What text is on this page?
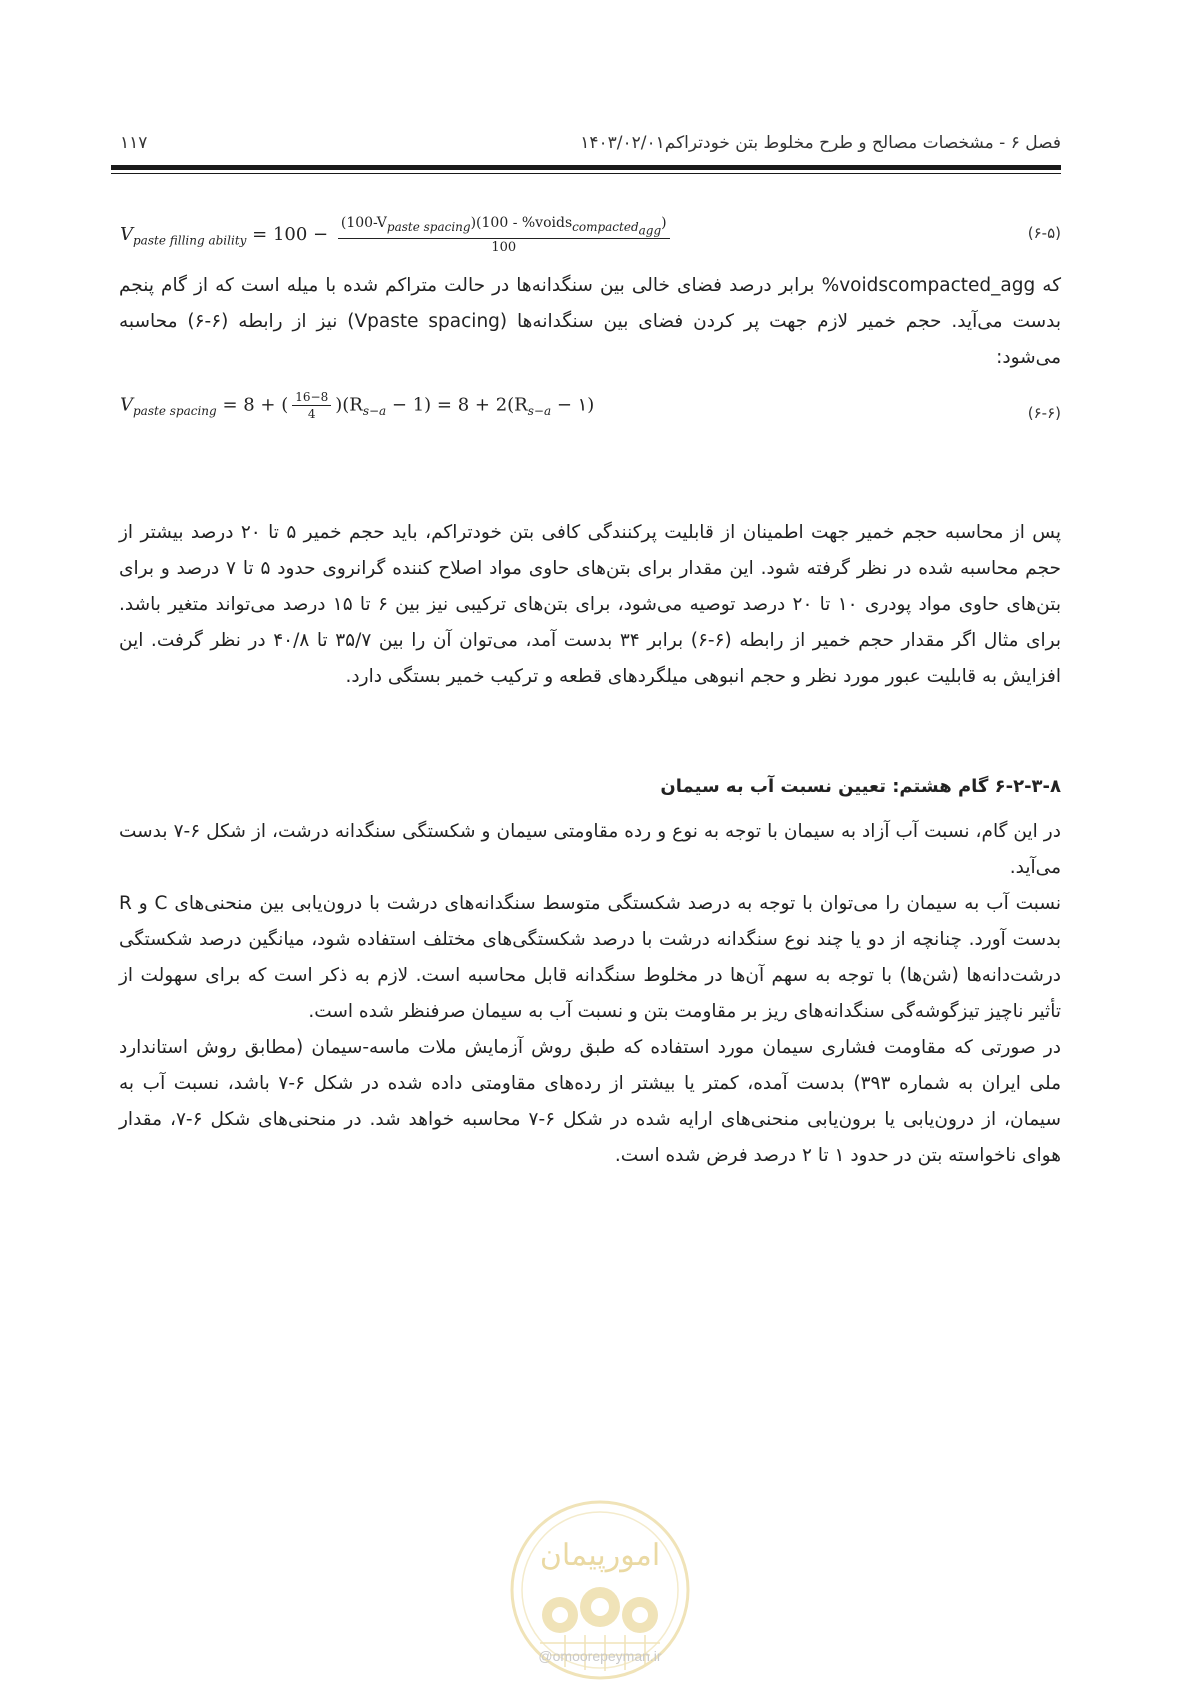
فصل ۶ - مشخصات مصالح و طرح مخلوط بتن خودتراکم۱۴۰۳/۰۲/۰۱
۱۱۷
$V_{paste filling ability} = 100 - \frac{(100-V_{paste spacing})(100 - \%voids_{compacted_{agg}})}{100}$	(۶-۵)
که ‎%voids‎compacted_agg برابر درصد فضای خالی بین سنگدانه‌ها در حالت متراکم شده با میله است که از گام پنجم بدست می‌آید. حجم خمیر لازم جهت پر کردن فضای بین سنگدانه‌ها (Vpaste spacing) نیز از رابطه (۶-۶) محاسبه می‌شود:
$V_{paste spacing} = 8$ + ( $\frac{16-8}{4} )(R_{s-a} - 1) = 8 + 2(R_{s-a}$ − ۱)	(۶-۶)
پس از محاسبه حجم خمیر جهت اطمینان از قابلیت پرکنندگی کافی بتن خودتراکم، باید حجم خمیر ۵ تا ۲۰ درصد بیشتر از حجم محاسبه شده در نظر گرفته شود. این مقدار برای بتن‌های حاوی مواد اصلاح کننده گرانروی حدود ۵ تا ۷ درصد و برای بتن‌های حاوی مواد پودری ۱۰ تا ۲۰ درصد توصیه می‌شود، برای بتن‌های ترکیبی نیز بین ۶ تا ۱۵ درصد می‌تواند متغیر باشد. برای مثال اگر مقدار حجم خمیر از رابطه (۶-۶) برابر ۳۴ بدست آمد، می‌توان آن را بین ۳۵/۷ تا ۴۰/۸ در نظر گرفت. این افزایش به قابلیت عبور مورد نظر و حجم انبوهی میلگردهای قطعه و ترکیب خمیر بستگی دارد.
۶-۲-۳-۸ گام هشتم: تعیین نسبت آب به سیمان
در این گام، نسبت آب آزاد به سیمان با توجه به نوع و رده مقاومتی سیمان و شکستگی سنگدانه درشت، از شکل ۶-۷ بدست می‌آید.
نسبت آب به سیمان را می‌توان با توجه به درصد شکستگی متوسط سنگدانه‌های درشت با درون‌یابی بین منحنی‌های C و R بدست آورد. چنانچه از دو یا چند نوع سنگدانه درشت با درصد شکستگی‌های مختلف استفاده شود، میانگین درصد شکستگی درشت‌دانه‌ها (شن‌ها) با توجه به سهم آن‌ها در مخلوط سنگدانه قابل محاسبه است. لازم به ذکر است که برای سهولت از تأثیر ناچیز تیزگوشه‌گی سنگدانه‌های ریز بر مقاومت بتن و نسبت آب به سیمان صرفنظر شده است.
در صورتی که مقاومت فشاری سیمان مورد استفاده که طبق روش آزمایش ملات ماسه-سیمان (مطابق روش استاندارد ملی ایران به شماره ۳۹۳) بدست آمده، کمتر یا بیشتر از رده‌های مقاومتی داده شده در شکل ۶-۷ باشد، نسبت آب به سیمان، از درون‌یابی یا برون‌یابی منحنی‌های ارایه شده در شکل ۶-۷ محاسبه خواهد شد. در منحنی‌های شکل ۶-۷، مقدار هوای ناخواسته بتن در حدود ۱ تا ۲ درصد فرض شده است.
امورپیمان
@omoorepeyman.ir
